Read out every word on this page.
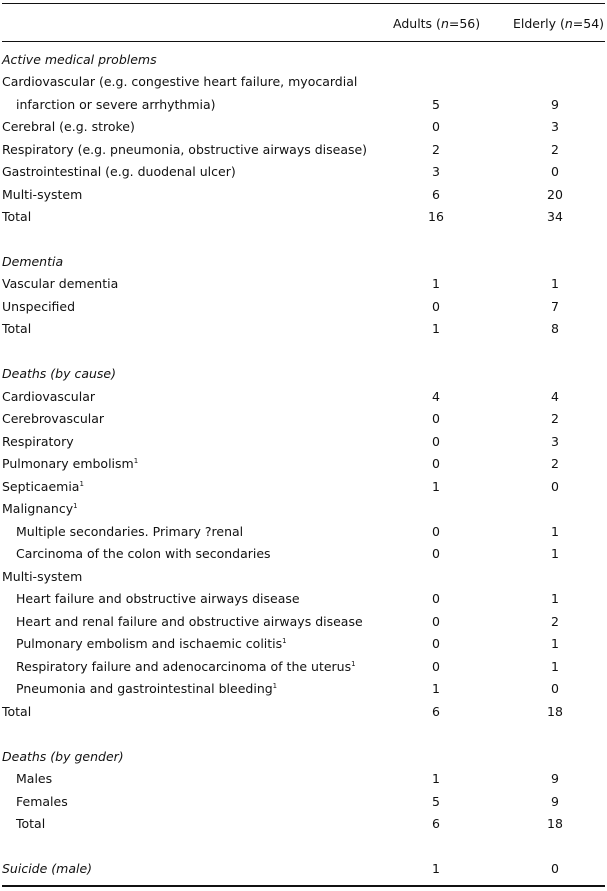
Adults (n=56)	Elderly (n=54)
Active medical problems
Cardiovascular (e.g. congestive heart failure, myocardial
infarction or severe arrhythmia)	5	9
Cerebral (e.g. stroke)	0	3
Respiratory (e.g. pneumonia, obstructive airways disease)	2	2
Gastrointestinal (e.g. duodenal ulcer)	3	0
Multi-system	6	20
Total	16	34
Dementia
Vascular dementia	1	1
Unspecified	0	7
Total	1	8
Deaths (by cause)
Cardiovascular	4	4
Cerebrovascular	0	2
Respiratory	0	3
Pulmonary embolism$^1$	0	2
Septicaemia$^1$	1	0
Malignancy$^1$
Multiple secondaries. Primary ?renal	0	1
Carcinoma of the colon with secondaries	0	1
Multi-system
Heart failure and obstructive airways disease	0	1
Heart and renal failure and obstructive airways disease	0	2
Pulmonary embolism and ischaemic colitis$^1$	0	1
Respiratory failure and adenocarcinoma of the uterus$^1$	0	1
Pneumonia and gastrointestinal bleeding$^1$	1	0
Total	6	18
Deaths (by gender)
Males	1	9
Females	5	9
Total	6	18
Suicide (male)	1	0
